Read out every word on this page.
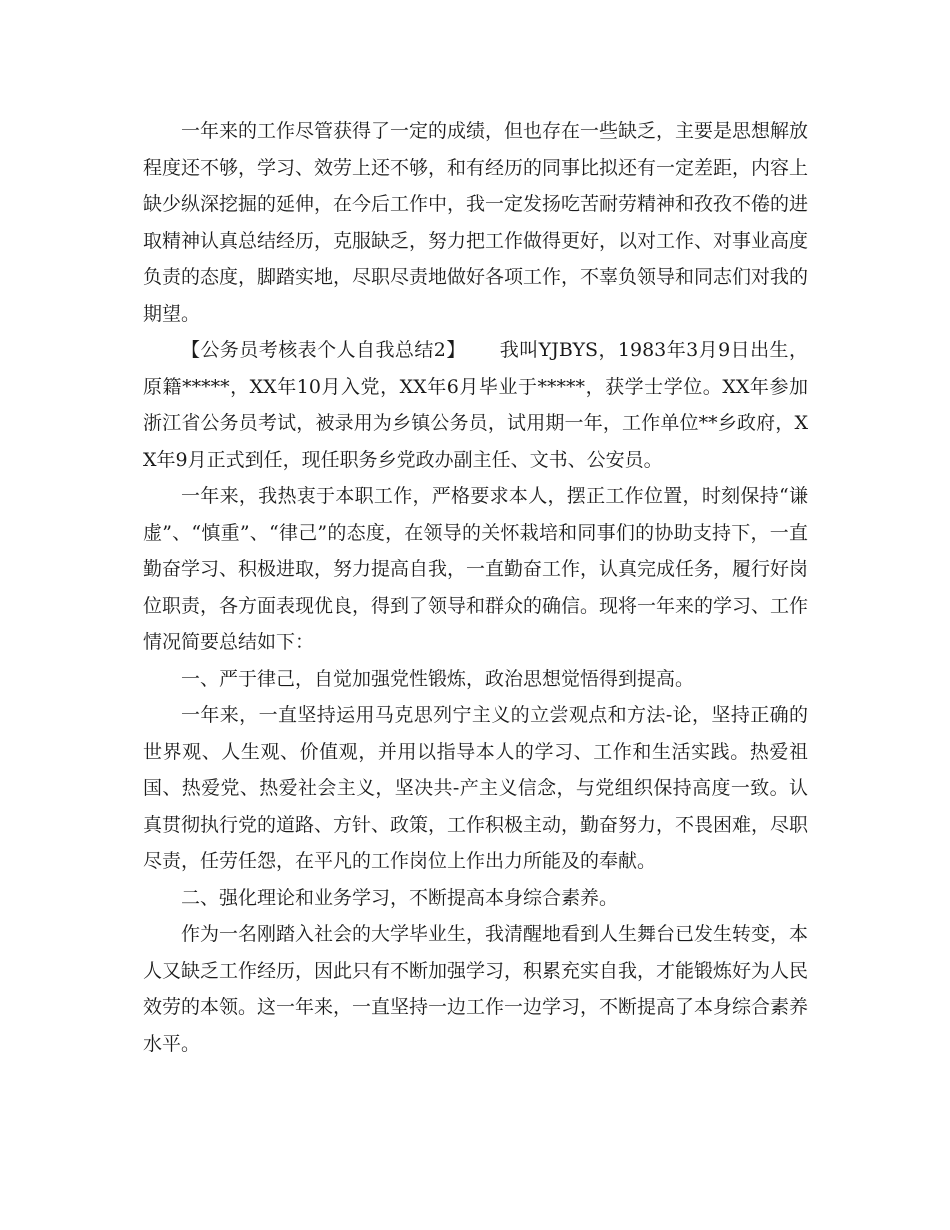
一年来的工作尽管获得了一定的成绩，但也存在一些缺乏，主要是思想解放程度还不够，学习、效劳上还不够，和有经历的同事比拟还有一定差距，内容上缺少纵深挖掘的延伸，在今后工作中，我一定发扬吃苦耐劳精神和孜孜不倦的进取精神认真总结经历，克服缺乏，努力把工作做得更好，以对工作、对事业高度负责的态度，脚踏实地，尽职尽责地做好各项工作，不辜负领导和同志们对我的期望。

【公务员考核表个人自我总结2】 我叫YJBYS，1983年3月9日出生，原籍*****，XX年10月入党，XX年6月毕业于*****，获学士学位。XX年参加浙江省公务员考试，被录用为乡镇公务员，试用期一年，工作单位**乡政府，XX年9月正式到任，现任职务乡党政办副主任、文书、公安员。

一年来，我热衷于本职工作，严格要求本人，摆正工作位置，时刻保持“谦虚”、“慎重”、“律己”的态度，在领导的关怀栽培和同事们的协助支持下，一直勤奋学习、积极进取，努力提高自我，一直勤奋工作，认真完成任务，履行好岗位职责，各方面表现优良，得到了领导和群众的确信。现将一年来的学习、工作情况简要总结如下：

一、严于律己，自觉加强党性锻炼，政治思想觉悟得到提高。

一年来，一直坚持运用马克思列宁主义的立尝观点和方法-论，坚持正确的世界观、人生观、价值观，并用以指导本人的学习、工作和生活实践。热爱祖国、热爱党、热爱社会主义，坚决共-产主义信念，与党组织保持高度一致。认真贯彻执行党的道路、方针、政策，工作积极主动，勤奋努力，不畏困难，尽职尽责，任劳任怨，在平凡的工作岗位上作出力所能及的奉献。

二、强化理论和业务学习，不断提高本身综合素养。

作为一名刚踏入社会的大学毕业生，我清醒地看到人生舞台已发生转变，本人又缺乏工作经历，因此只有不断加强学习，积累充实自我，才能锻炼好为人民效劳的本领。这一年来，一直坚持一边工作一边学习，不断提高了本身综合素养水平。
